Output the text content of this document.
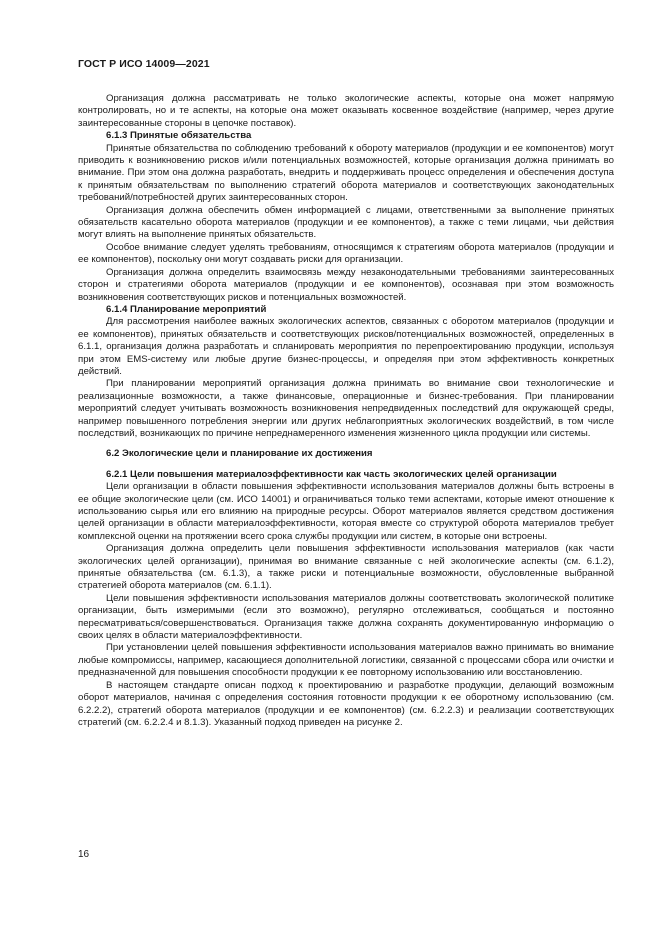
ГОСТ Р ИСО 14009—2021

Организация должна рассматривать не только экологические аспекты, которые она может напрямую контролировать, но и те аспекты, на которые она может оказывать косвенное воздействие (например, через другие заинтересованные стороны в цепочке поставок).

6.1.3 Принятые обязательства

Принятые обязательства по соблюдению требований к обороту материалов (продукции и ее компонентов) могут приводить к возникновению рисков и/или потенциальных возможностей, которые организация должна принимать во внимание. При этом она должна разработать, внедрить и поддерживать процесс определения и обеспечения доступа к принятым обязательствам по выполнению стратегий оборота материалов и соответствующих законодательных требований/потребностей других заинтересованных сторон.

Организация должна обеспечить обмен информацией с лицами, ответственными за выполнение принятых обязательств касательно оборота материалов (продукции и ее компонентов), а также с теми лицами, чьи действия могут влиять на выполнение принятых обязательств.

Особое внимание следует уделять требованиям, относящимся к стратегиям оборота материалов (продукции и ее компонентов), поскольку они могут создавать риски для организации.

Организация должна определить взаимосвязь между незаконодательными требованиями заинтересованных сторон и стратегиями оборота материалов (продукции и ее компонентов), осознавая при этом возможность возникновения соответствующих рисков и потенциальных возможностей.

6.1.4 Планирование мероприятий

Для рассмотрения наиболее важных экологических аспектов, связанных с оборотом материалов (продукции и ее компонентов), принятых обязательств и соответствующих рисков/потенциальных возможностей, определенных в 6.1.1, организация должна разработать и спланировать мероприятия по перепроектированию продукции, используя при этом EMS-систему или любые другие бизнес-процессы, и определяя при этом эффективность конкретных действий.

При планировании мероприятий организация должна принимать во внимание свои технологические и реализационные возможности, а также финансовые, операционные и бизнес-требования. При планировании мероприятий следует учитывать возможность возникновения непредвиденных последствий для окружающей среды, например повышенного потребления энергии или других неблагоприятных экологических воздействий, в том числе последствий, возникающих по причине непреднамеренного изменения жизненного цикла продукции или системы.

6.2 Экологические цели и планирование их достижения
6.2.1 Цели повышения материалоэффективности как часть экологических целей организации

Цели организации в области повышения эффективности использования материалов должны быть встроены в ее общие экологические цели (см. ИСО 14001) и ограничиваться только теми аспектами, которые имеют отношение к использованию сырья или его влиянию на природные ресурсы. Оборот материалов является средством достижения целей организации в области материалоэффективности, которая вместе со структурой оборота материалов требует комплексной оценки на протяжении всего срока службы продукции или систем, в которые они встроены.

Организация должна определить цели повышения эффективности использования материалов (как части экологических целей организации), принимая во внимание связанные с ней экологические аспекты (см. 6.1.2), принятые обязательства (см. 6.1.3), а также риски и потенциальные возможности, обусловленные выбранной стратегией оборота материалов (см. 6.1.1).

Цели повышения эффективности использования материалов должны соответствовать экологической политике организации, быть измеримыми (если это возможно), регулярно отслеживаться, сообщаться и постоянно пересматриваться/совершенствоваться. Организация также должна сохранять документированную информацию о своих целях в области материалоэффективности.

При установлении целей повышения эффективности использования материалов важно принимать во внимание любые компромиссы, например, касающиеся дополнительной логистики, связанной с процессами сбора или очистки и предназначенной для повышения способности продукции к ее повторному использованию или восстановлению.

В настоящем стандарте описан подход к проектированию и разработке продукции, делающий возможным оборот материалов, начиная с определения состояния готовности продукции к ее оборотному использованию (см. 6.2.2.2), стратегий оборота материалов (продукции и ее компонентов) (см. 6.2.2.3) и реализации соответствующих стратегий (см. 6.2.2.4 и 8.1.3). Указанный подход приведен на рисунке 2.

16
